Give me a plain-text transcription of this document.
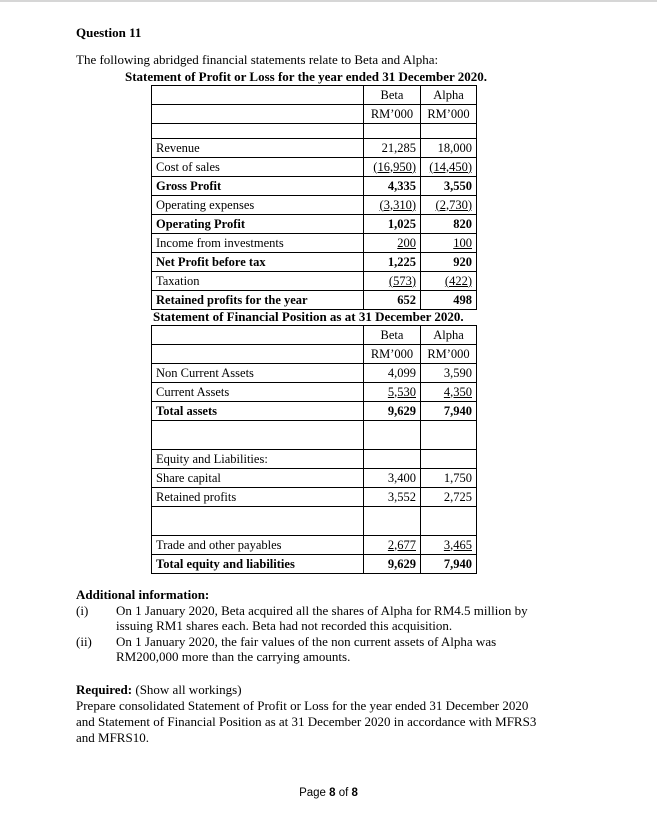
Question 11
The following abridged financial statements relate to Beta and Alpha:
Statement of Profit or Loss for the year ended 31 December 2020.
	Beta	Alpha
	RM’000	RM’000

Revenue	21,285	18,000
Cost of sales	(16,950)	(14,450)
Gross Profit	4,335	3,550
Operating expenses	(3,310)	(2,730)
Operating Profit	1,025	820
Income from investments	200	100
Net Profit before tax	1,225	920
Taxation	(573)	(422)
Retained profits for the year	652	498
Statement of Financial Position as at 31 December 2020.
	Beta	Alpha
	RM’000	RM’000
Non Current Assets	4,099	3,590
Current Assets	5,530	4,350
Total assets	9,629	7,940

Equity and Liabilities:		
Share capital	3,400	1,750
Retained profits	3,552	2,725

Trade and other payables	2,677	3,465
Total equity and liabilities	9,629	7,940
Additional information:
(i) On 1 January 2020, Beta acquired all the shares of Alpha for RM4.5 million by
issuing RM1 shares each. Beta had not recorded this acquisition.
(ii) On 1 January 2020, the fair values of the non current assets of Alpha was
RM200,000 more than the carrying amounts.
Required: (Show all workings)
Prepare consolidated Statement of Profit or Loss for the year ended 31 December 2020
and Statement of Financial Position as at 31 December 2020 in accordance with MFRS3
and MFRS10.
Page 8 of 8
